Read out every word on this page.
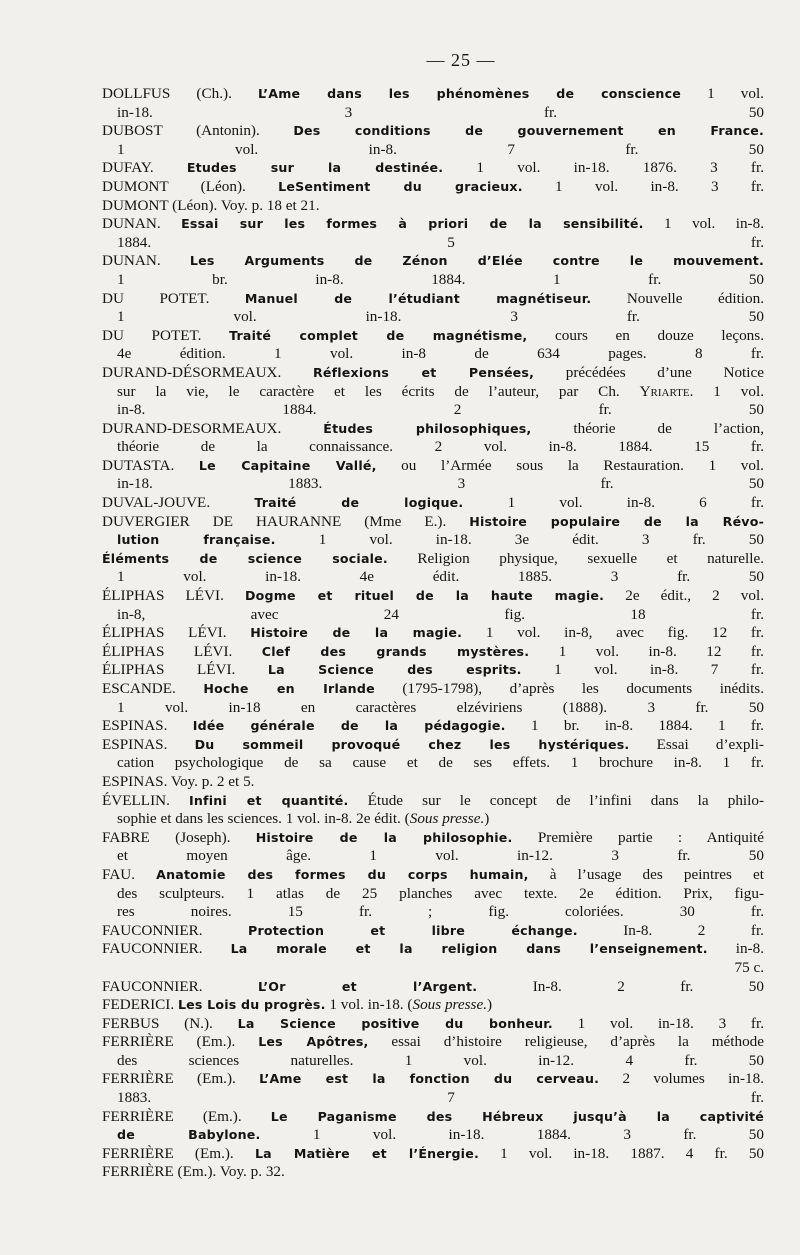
— 25 —

DOLLFUS (Ch.). L’Ame dans les phénomènes de conscience 1 vol.
in-18. 3 fr. 50

DUBOST (Antonin). Des conditions de gouvernement en France.
1 vol. in-8. 7 fr. 50

DUFAY. Etudes sur la destinée. 1 vol. in-18. 1876. 3 fr.

DUMONT (Léon). LeSentiment du gracieux. 1 vol. in-8. 3 fr.

DUMONT (Léon). Voy. p. 18 et 21.

DUNAN. Essai sur les formes à priori de la sensibilité. 1 vol. in-8.
1884. 5 fr.

DUNAN. Les Arguments de Zénon d’Elée contre le mouvement.
1 br. in-8. 1884. 1 fr. 50

DU POTET. Manuel de l’étudiant magnétiseur. Nouvelle édition.
1 vol. in-18. 3 fr. 50

DU POTET. Traité complet de magnétisme, cours en douze leçons.
4e édition. 1 vol. in-8 de 634 pages. 8 fr.

DURAND-DÉSORMEAUX. Réflexions et Pensées, précédées d’une Notice
sur la vie, le caractère et les écrits de l’auteur, par Ch. Yriarte. 1 vol.
in-8. 1884. 2 fr. 50

DURAND-DESORMEAUX. Études philosophiques, théorie de l’action,
théorie de la connaissance. 2 vol. in-8. 1884. 15 fr.

DUTASTA. Le Capitaine Vallé, ou l’Armée sous la Restauration. 1 vol.
in-18. 1883. 3 fr. 50

DUVAL-JOUVE. Traité de logique. 1 vol. in-8. 6 fr.

DUVERGIER DE HAURANNE (Mme E.). Histoire populaire de la Révo-
lution française. 1 vol. in-18. 3e édit. 3 fr. 50

Éléments de science sociale. Religion physique, sexuelle et naturelle.
1 vol. in-18. 4e édit. 1885. 3 fr. 50

ÉLIPHAS LÉVI. Dogme et rituel de la haute magie. 2e édit., 2 vol.
in-8, avec 24 fig. 18 fr.

ÉLIPHAS LÉVI. Histoire de la magie. 1 vol. in-8, avec fig. 12 fr.

ÉLIPHAS LÉVI. Clef des grands mystères. 1 vol. in-8. 12 fr.

ÉLIPHAS LÉVI. La Science des esprits. 1 vol. in-8. 7 fr.

ESCANDE. Hoche en Irlande (1795-1798), d’après les documents inédits.
1 vol. in-18 en caractères elzéviriens (1888). 3 fr. 50

ESPINAS. Idée générale de la pédagogie. 1 br. in-8. 1884. 1 fr.

ESPINAS. Du sommeil provoqué chez les hystériques. Essai d’expli-
cation psychologique de sa cause et de ses effets. 1 brochure in-8. 1 fr.

ESPINAS. Voy. p. 2 et 5.

ÉVELLIN. Infini et quantité. Étude sur le concept de l’infini dans la philo-
sophie et dans les sciences. 1 vol. in-8. 2e édit. (Sous presse.)

FABRE (Joseph). Histoire de la philosophie. Première partie : Antiquité
et moyen âge. 1 vol. in-12. 3 fr. 50

FAU. Anatomie des formes du corps humain, à l’usage des peintres et
des sculpteurs. 1 atlas de 25 planches avec texte. 2e édition. Prix, figu-
res noires. 15 fr. ; fig. coloriées. 30 fr.

FAUCONNIER. Protection et libre échange. In-8. 2 fr.

FAUCONNIER. La morale et la religion dans l’enseignement. in-8.
75 c.

FAUCONNIER. L’Or et l’Argent. In-8. 2 fr. 50

FEDERICI. Les Lois du progrès. 1 vol. in-18. (Sous presse.)

FERBUS (N.). La Science positive du bonheur. 1 vol. in-18. 3 fr.

FERRIÈRE (Em.). Les Apôtres, essai d’histoire religieuse, d’après la méthode
des sciences naturelles. 1 vol. in-12. 4 fr. 50

FERRIÈRE (Em.). L’Ame est la fonction du cerveau. 2 volumes in-18.
1883. 7 fr.

FERRIÈRE (Em.). Le Paganisme des Hébreux jusqu’à la captivité
de Babylone. 1 vol. in-18. 1884. 3 fr. 50

FERRIÈRE (Em.). La Matière et l’Énergie. 1 vol. in-18. 1887. 4 fr. 50

FERRIÈRE (Em.). Voy. p. 32.
